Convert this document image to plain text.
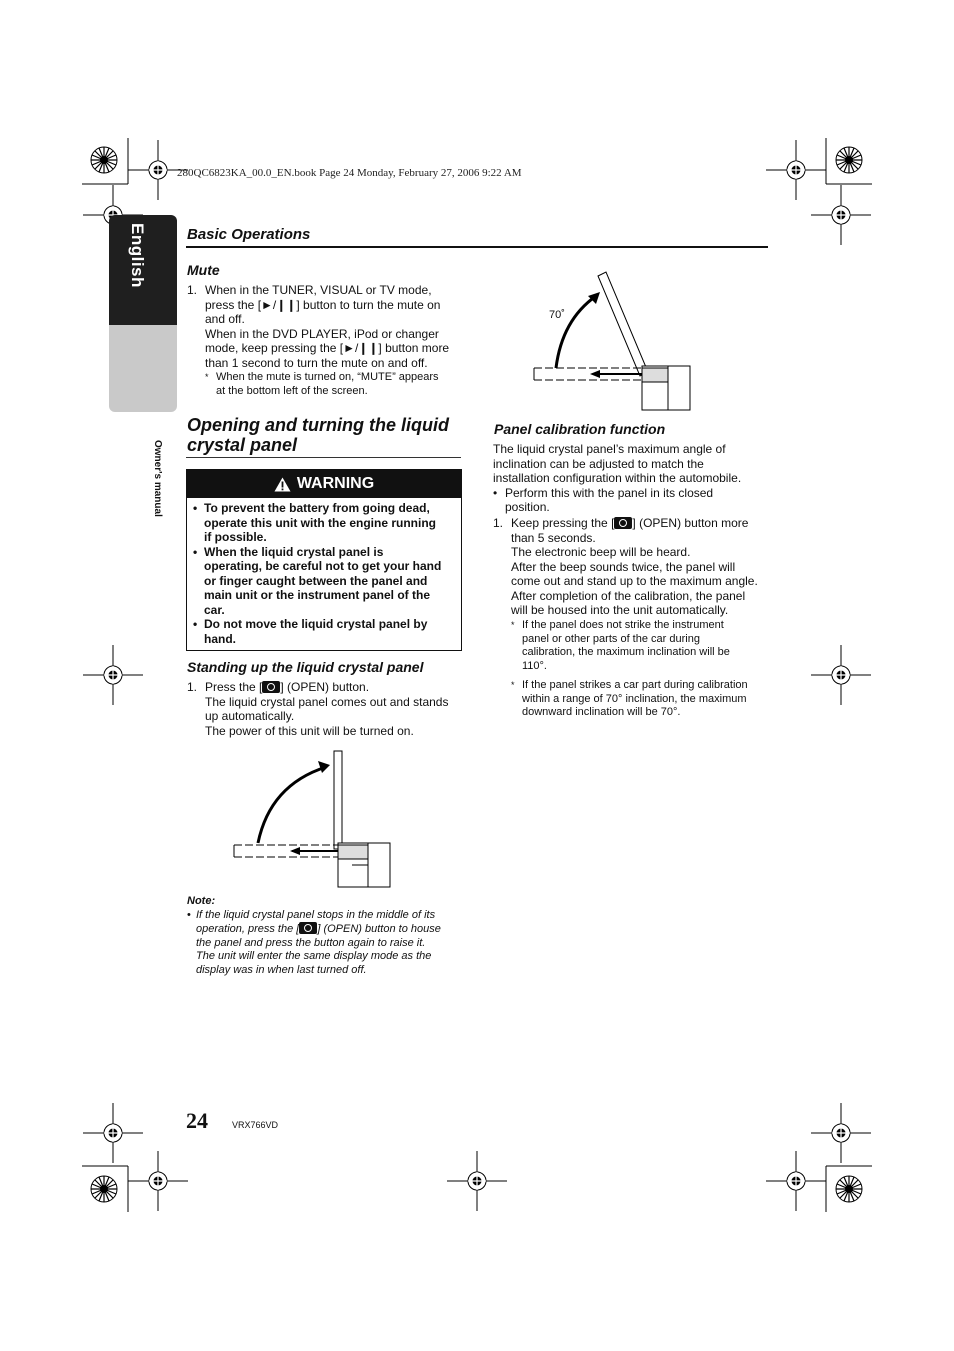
280QC6823KA_00.0_EN.book Page 24 Monday, February 27, 2006 9:22 AM
English
Owner's manual
Basic Operations
Mute
1. When in the TUNER, VISUAL or TV mode,
press the [►/❙❙] button to turn the mute on
and off.
When in the DVD PLAYER, iPod or changer
mode, keep pressing the [►/❙❙] button more
than 1 second to turn the mute on and off.
* When the mute is turned on, “MUTE” appears
at the bottom left of the screen.
Opening and turning the liquid
crystal panel
WARNING
• To prevent the battery from going dead,
operate this unit with the engine running
if possible.
• When the liquid crystal panel is
operating, be careful not to get your hand
or finger caught between the panel and
main unit or the instrument panel of the
car.
• Do not move the liquid crystal panel by
hand.
Standing up the liquid crystal panel
1. Press the [ ] (OPEN) button.
The liquid crystal panel comes out and stands
up automatically.
The power of this unit will be turned on.
Note:
• If the liquid crystal panel stops in the middle of its
operation, press the [ ] (OPEN) button to house
the panel and press the button again to raise it.
The unit will enter the same display mode as the
display was in when last turned off.
70˚
Panel calibration function
The liquid crystal panel’s maximum angle of
inclination can be adjusted to match the
installation configuration within the automobile.
• Perform this with the panel in its closed
position.
1. Keep pressing the [ ] (OPEN) button more
than 5 seconds.
The electronic beep will be heard.
After the beep sounds twice, the panel will
come out and stand up to the maximum angle.
After completion of the calibration, the panel
will be housed into the unit automatically.
* If the panel does not strike the instrument
panel or other parts of the car during
calibration, the maximum inclination will be
110°.
* If the panel strikes a car part during calibration
within a range of 70° inclination, the maximum
downward inclination will be 70°.
24	VRX766VD
